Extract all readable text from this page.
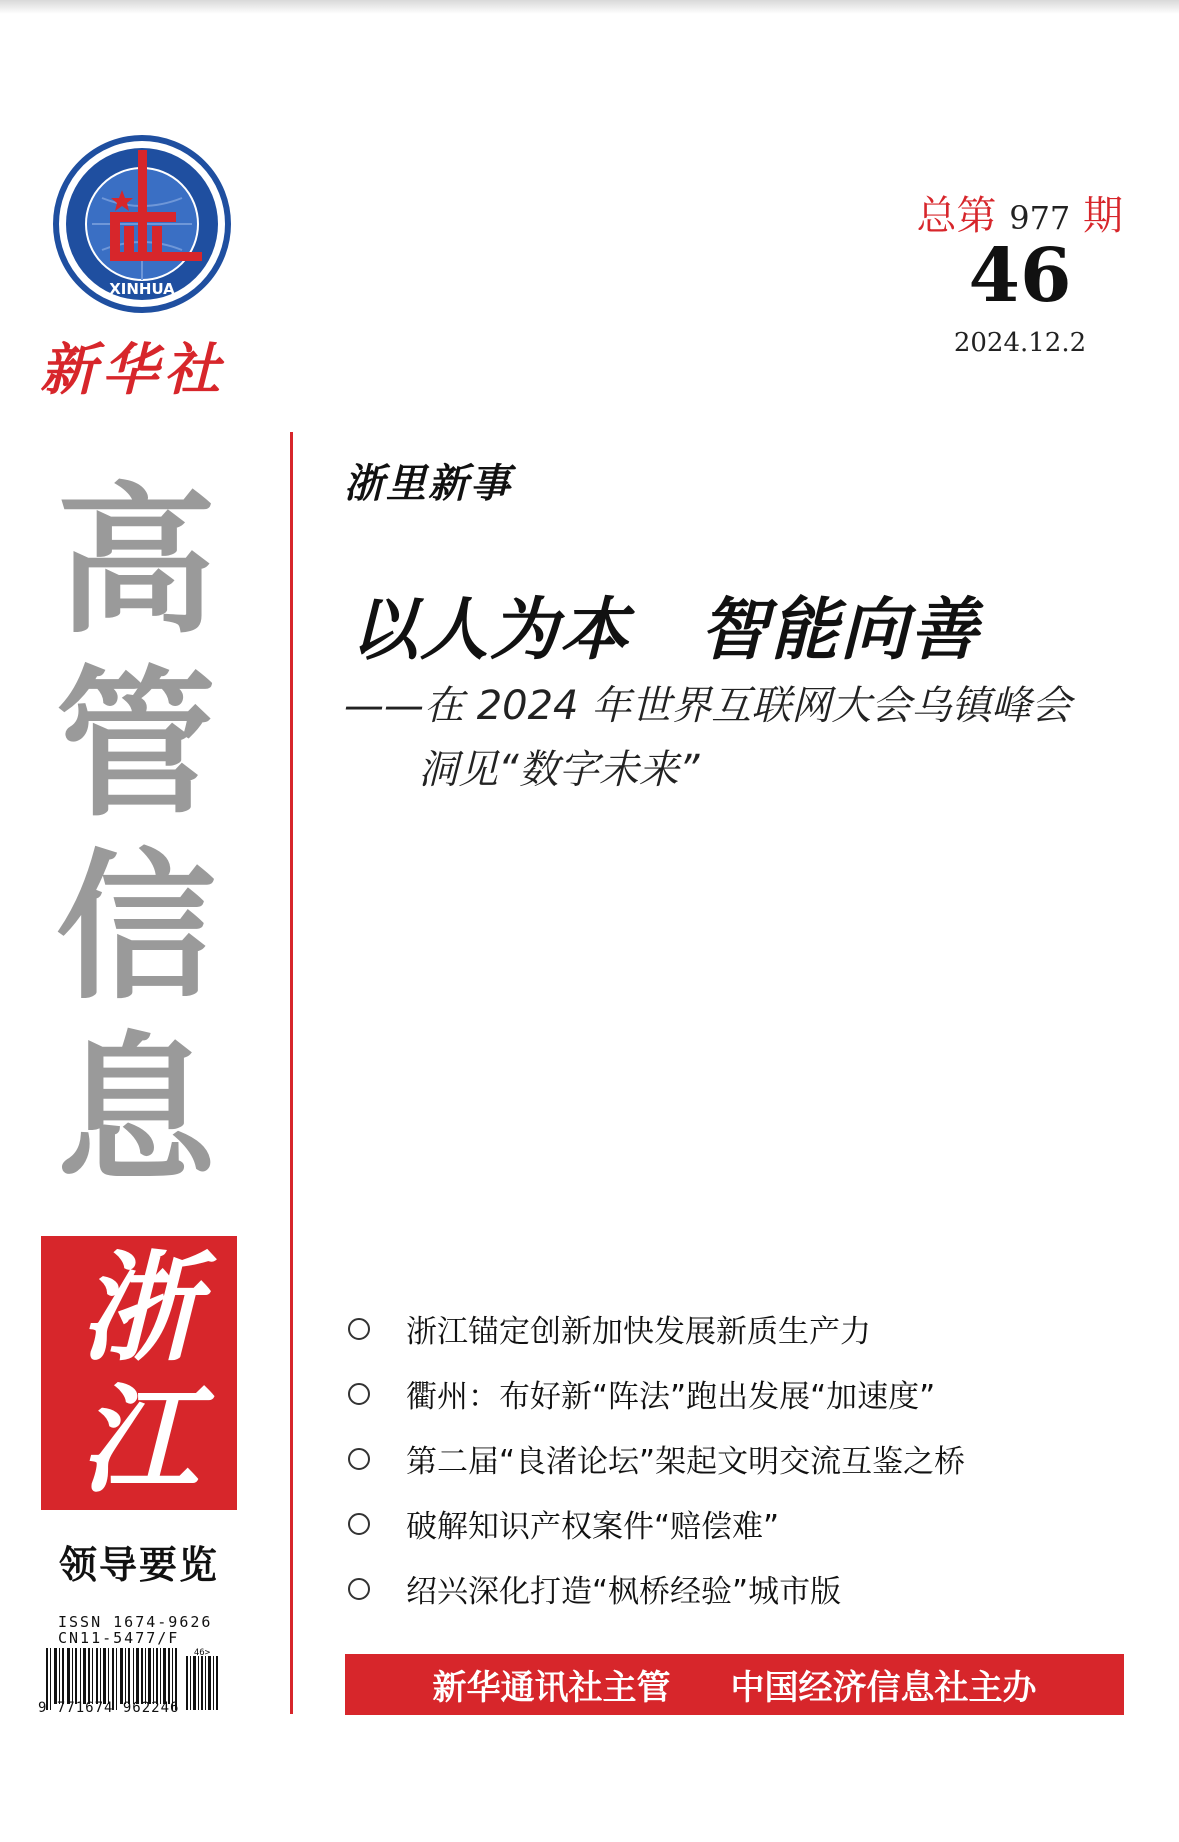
XINHUA
新华社
总第 977 期
46
2024.12.2
高
管
信
息
浙
江
领导要览
ISSN 1674-9626
CN11-5477/F
46>
9 771674 962246
浙里新事
以人为本　智能向善
——在 2024 年世界互联网大会乌镇峰会
洞见“数字未来”
浙江锚定创新加快发展新质生产力
衢州：布好新“阵法”跑出发展“加速度”
第二届“良渚论坛”架起文明交流互鉴之桥
破解知识产权案件“赔偿难”
绍兴深化打造“枫桥经验”城市版
新华通讯社主管 中国经济信息社主办
